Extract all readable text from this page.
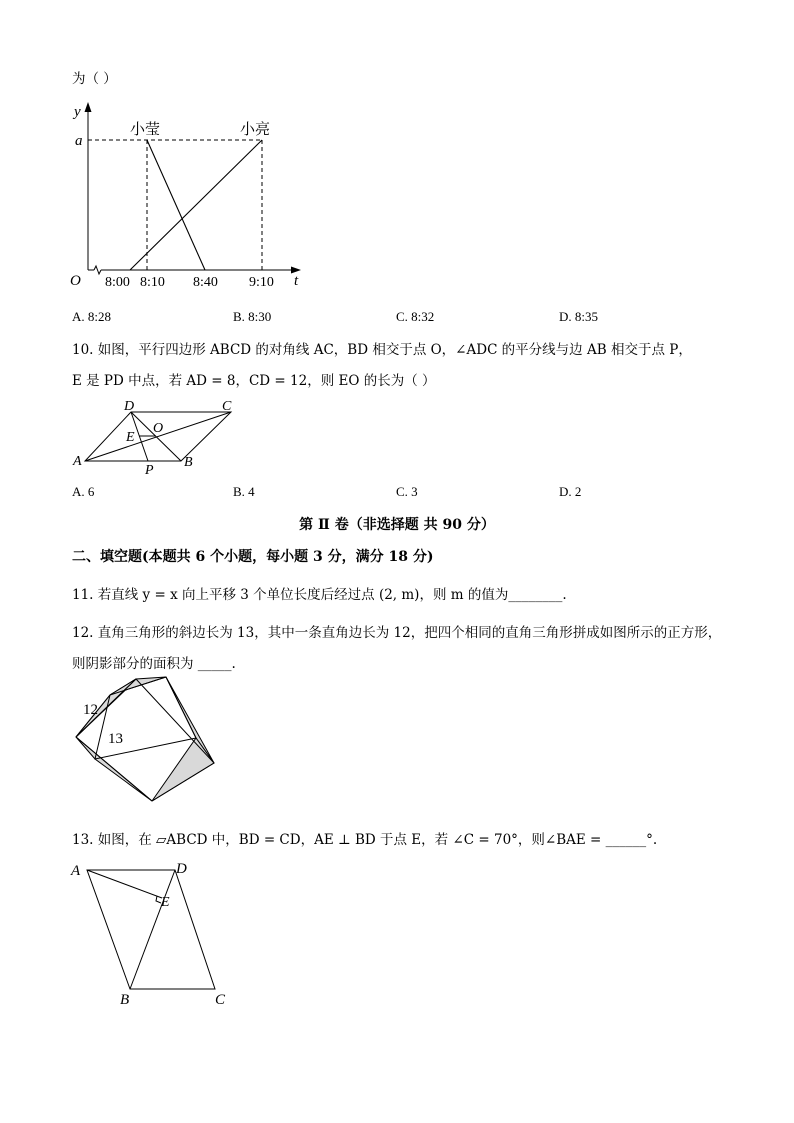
为（ ）
y
a
O	t
小莹	小亮
8:00 8:10 8:40 9:10
A. 8:28	B. 8:30	C. 8:32	D. 8:35
10. 如图，平行四边形 ABCD 的对角线 AC，BD 相交于点 O，∠ADC 的平分线与边 AB 相交于点 P，
E 是 PD 中点，若 AD = 8，CD = 12，则 EO 的长为（ ）
A	B
C
D
E
O
P
A. 6	B. 4	C. 3	D. 2
第 Ⅱ 卷（非选择题 共 90 分）
二、填空题(本题共 6 个小题，每小题 3 分，满分 18 分)
11. 若直线 y = x 向上平移 3 个单位长度后经过点 (2, m)，则 m 的值为________.
12. 直角三角形的斜边长为 13，其中一条直角边长为 12，把四个相同的直角三角形拼成如图所示的正方形，
则阴影部分的面积为 _____.
12
13
13. 如图，在 ▱ABCD 中，BD = CD，AE ⊥ BD 于点 E，若 ∠C = 70°，则∠BAE = ______°.
A	D
E
B	C
